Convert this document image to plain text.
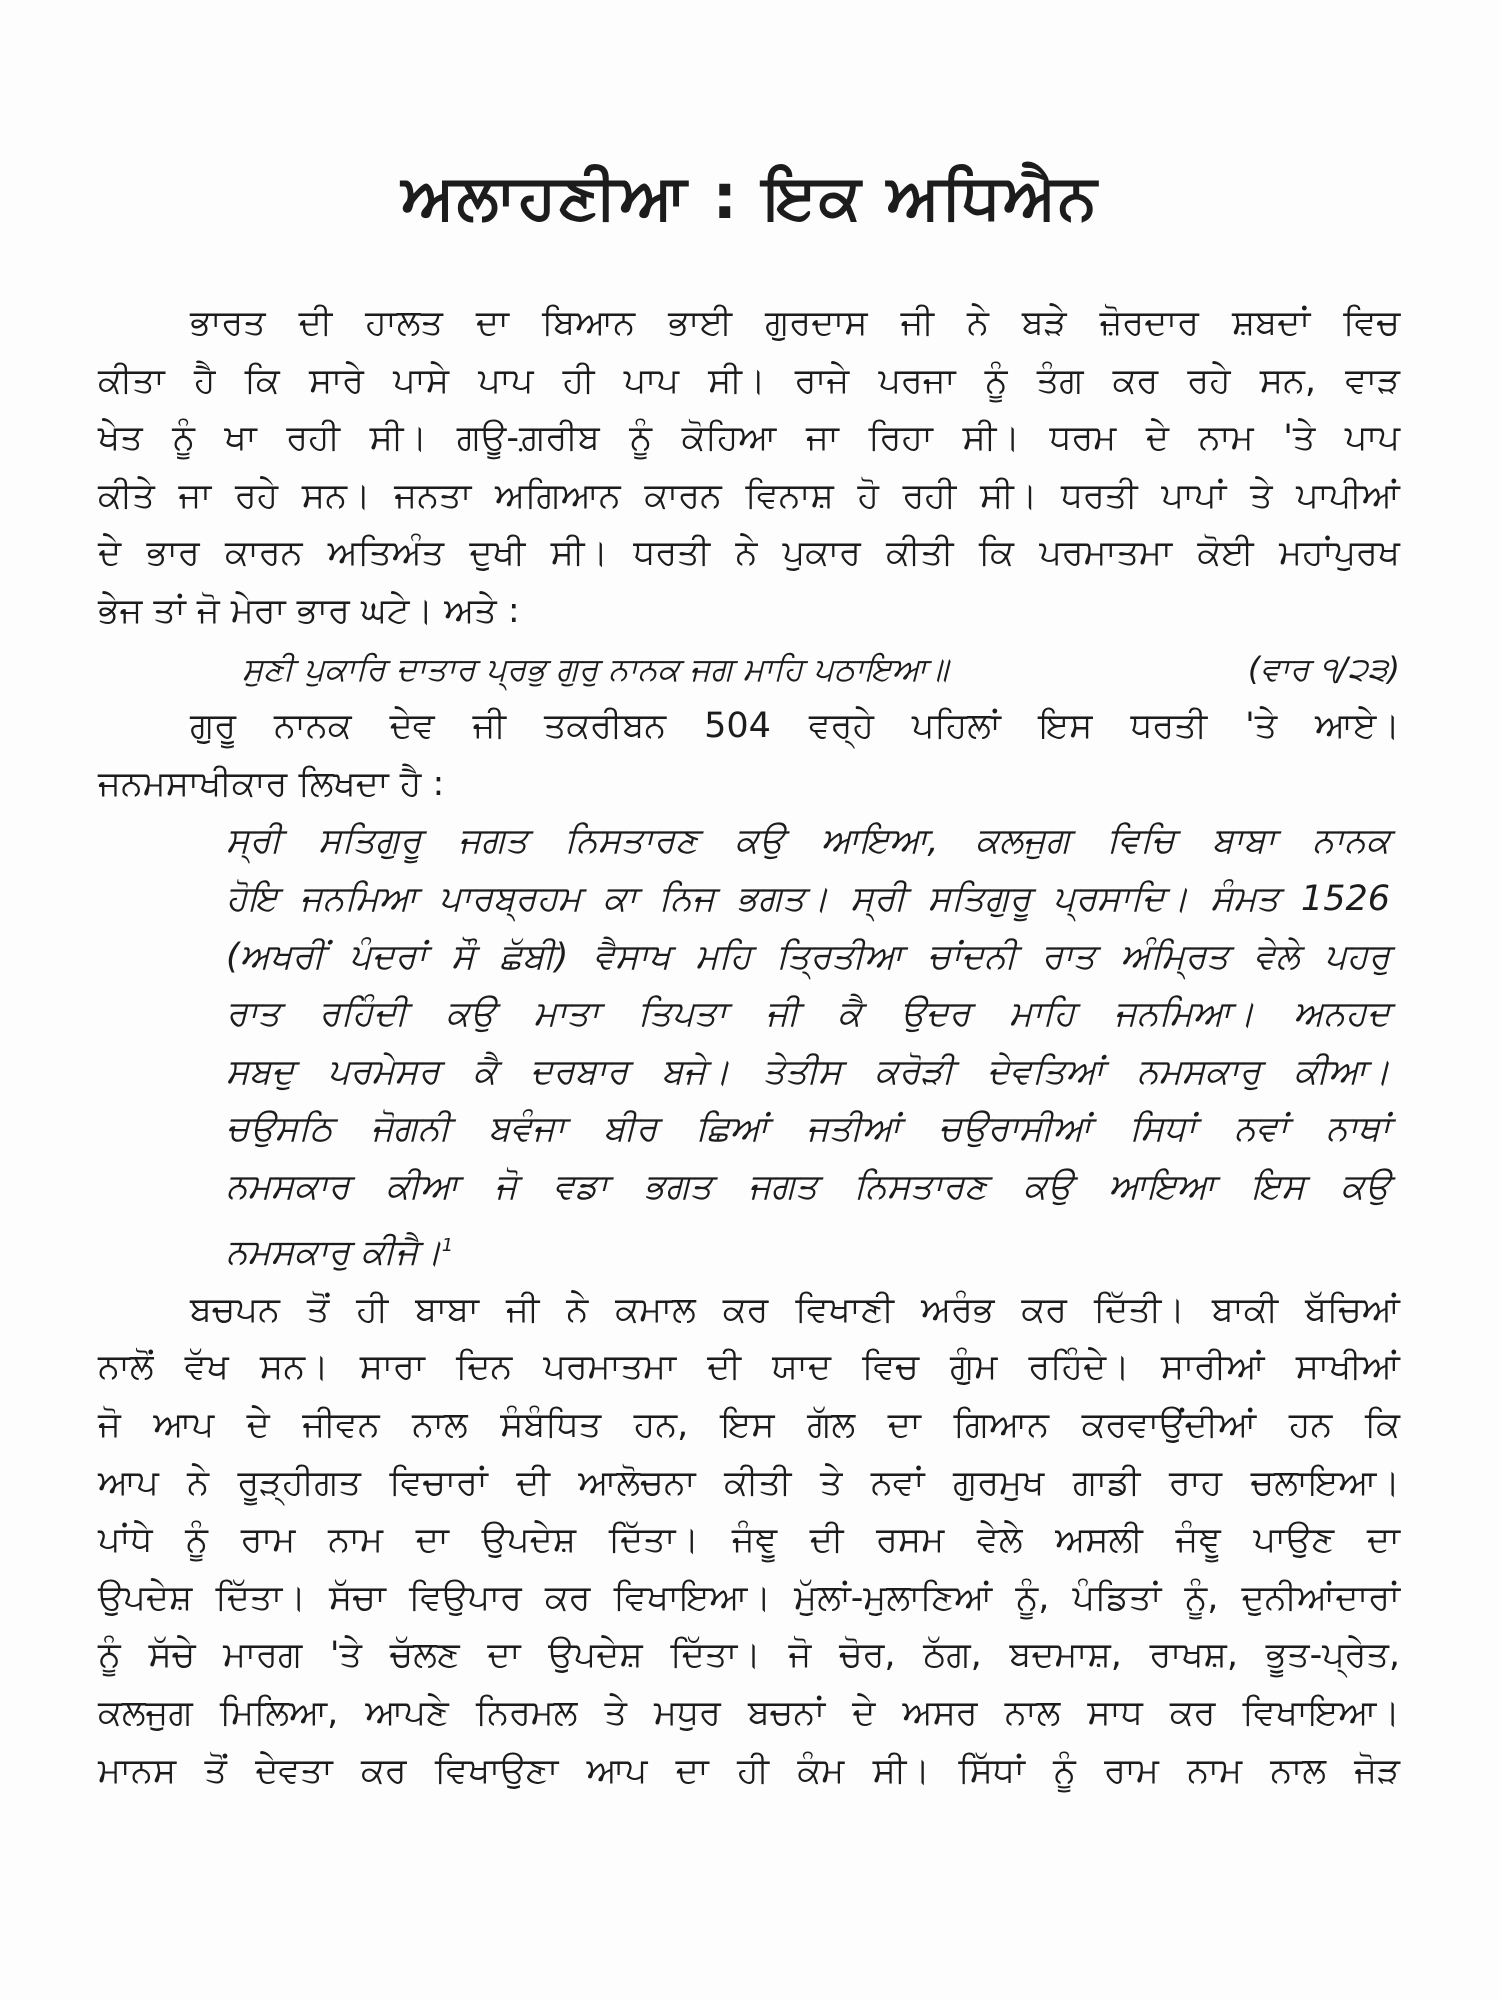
ਅਲਾਹਣੀਆ : ਇਕ ਅਧਿਐਨ
ਭਾਰਤ ਦੀ ਹਾਲਤ ਦਾ ਬਿਆਨ ਭਾਈ ਗੁਰਦਾਸ ਜੀ ਨੇ ਬੜੇ ਜ਼ੋਰਦਾਰ ਸ਼ਬਦਾਂ ਵਿਚ
ਕੀਤਾ ਹੈ ਕਿ ਸਾਰੇ ਪਾਸੇ ਪਾਪ ਹੀ ਪਾਪ ਸੀ। ਰਾਜੇ ਪਰਜਾ ਨੂੰ ਤੰਗ ਕਰ ਰਹੇ ਸਨ, ਵਾੜ
ਖੇਤ ਨੂੰ ਖਾ ਰਹੀ ਸੀ। ਗਊ-ਗ਼ਰੀਬ ਨੂੰ ਕੋਹਿਆ ਜਾ ਰਿਹਾ ਸੀ। ਧਰਮ ਦੇ ਨਾਮ 'ਤੇ ਪਾਪ
ਕੀਤੇ ਜਾ ਰਹੇ ਸਨ। ਜਨਤਾ ਅਗਿਆਨ ਕਾਰਨ ਵਿਨਾਸ਼ ਹੋ ਰਹੀ ਸੀ। ਧਰਤੀ ਪਾਪਾਂ ਤੇ ਪਾਪੀਆਂ
ਦੇ ਭਾਰ ਕਾਰਨ ਅਤਿਅੰਤ ਦੁਖੀ ਸੀ। ਧਰਤੀ ਨੇ ਪੁਕਾਰ ਕੀਤੀ ਕਿ ਪਰਮਾਤਮਾ ਕੋਈ ਮਹਾਂਪੁਰਖ
ਭੇਜ ਤਾਂ ਜੋ ਮੇਰਾ ਭਾਰ ਘਟੇ। ਅਤੇ :
ਸੁਣੀ ਪੁਕਾਰਿ ਦਾਤਾਰ ਪ੍ਰਭੁ ਗੁਰੁ ਨਾਨਕ ਜਗ ਮਾਹਿ ਪਠਾਇਆ॥	(ਵਾਰ ੧/੨੩)
ਗੁਰੂ ਨਾਨਕ ਦੇਵ ਜੀ ਤਕਰੀਬਨ 504 ਵਰ੍ਹੇ ਪਹਿਲਾਂ ਇਸ ਧਰਤੀ 'ਤੇ ਆਏ।
ਜਨਮਸਾਖੀਕਾਰ ਲਿਖਦਾ ਹੈ :
ਸ੍ਰੀ ਸਤਿਗੁਰੂ ਜਗਤ ਨਿਸਤਾਰਣ ਕਉ ਆਇਆ, ਕਲਜੁਗ ਵਿਚਿ ਬਾਬਾ ਨਾਨਕ
ਹੋਇ ਜਨਮਿਆ ਪਾਰਬ੍ਰਹਮ ਕਾ ਨਿਜ ਭਗਤ। ਸ੍ਰੀ ਸਤਿਗੁਰੂ ਪ੍ਰਸਾਦਿ। ਸੰਮਤ 1526
(ਅਖਰੀਂ ਪੰਦਰਾਂ ਸੌ ਛੱਬੀ) ਵੈਸਾਖ ਮਹਿ ਤ੍ਰਿਤੀਆ ਚਾਂਦਨੀ ਰਾਤ ਅੰਮ੍ਰਿਤ ਵੇਲੇ ਪਹਰੁ
ਰਾਤ ਰਹਿੰਦੀ ਕਉ ਮਾਤਾ ਤਿਪਤਾ ਜੀ ਕੈ ਉਦਰ ਮਾਹਿ ਜਨਮਿਆ। ਅਨਹਦ
ਸਬਦੁ ਪਰਮੇਸਰ ਕੈ ਦਰਬਾਰ ਬਜੇ। ਤੇਤੀਸ ਕਰੋੜੀ ਦੇਵਤਿਆਂ ਨਮਸਕਾਰੁ ਕੀਆ।
ਚਉਸਠਿ ਜੋਗਨੀ ਬਵੰਜਾ ਬੀਰ ਛਿਆਂ ਜਤੀਆਂ ਚਉਰਾਸੀਆਂ ਸਿਧਾਂ ਨਵਾਂ ਨਾਥਾਂ
ਨਮਸਕਾਰ ਕੀਆ ਜੋ ਵਡਾ ਭਗਤ ਜਗਤ ਨਿਸਤਾਰਣ ਕਉ ਆਇਆ ਇਸ ਕਉ
ਨਮਸਕਾਰੁ ਕੀਜੈ।$^1$
ਬਚਪਨ ਤੋਂ ਹੀ ਬਾਬਾ ਜੀ ਨੇ ਕਮਾਲ ਕਰ ਵਿਖਾਣੀ ਅਰੰਭ ਕਰ ਦਿੱਤੀ। ਬਾਕੀ ਬੱਚਿਆਂ
ਨਾਲੋਂ ਵੱਖ ਸਨ। ਸਾਰਾ ਦਿਨ ਪਰਮਾਤਮਾ ਦੀ ਯਾਦ ਵਿਚ ਗੁੰਮ ਰਹਿੰਦੇ। ਸਾਰੀਆਂ ਸਾਖੀਆਂ
ਜੋ ਆਪ ਦੇ ਜੀਵਨ ਨਾਲ ਸੰਬੰਧਿਤ ਹਨ, ਇਸ ਗੱਲ ਦਾ ਗਿਆਨ ਕਰਵਾਉਂਦੀਆਂ ਹਨ ਕਿ
ਆਪ ਨੇ ਰੂੜ੍ਹੀਗਤ ਵਿਚਾਰਾਂ ਦੀ ਆਲੋਚਨਾ ਕੀਤੀ ਤੇ ਨਵਾਂ ਗੁਰਮੁਖ ਗਾਡੀ ਰਾਹ ਚਲਾਇਆ।
ਪਾਂਧੇ ਨੂੰ ਰਾਮ ਨਾਮ ਦਾ ਉਪਦੇਸ਼ ਦਿੱਤਾ। ਜੰਞੂ ਦੀ ਰਸਮ ਵੇਲੇ ਅਸਲੀ ਜੰਞੂ ਪਾਉਣ ਦਾ
ਉਪਦੇਸ਼ ਦਿੱਤਾ। ਸੱਚਾ ਵਿਉਪਾਰ ਕਰ ਵਿਖਾਇਆ। ਮੁੱਲਾਂ-ਮੁਲਾਣਿਆਂ ਨੂੰ, ਪੰਡਿਤਾਂ ਨੂੰ, ਦੁਨੀਆਂਦਾਰਾਂ
ਨੂੰ ਸੱਚੇ ਮਾਰਗ 'ਤੇ ਚੱਲਣ ਦਾ ਉਪਦੇਸ਼ ਦਿੱਤਾ। ਜੋ ਚੋਰ, ਠੱਗ, ਬਦਮਾਸ਼, ਰਾਖਸ਼, ਭੂਤ-ਪ੍ਰੇਤ,
ਕਲਜੁਗ ਮਿਲਿਆ, ਆਪਣੇ ਨਿਰਮਲ ਤੇ ਮਧੁਰ ਬਚਨਾਂ ਦੇ ਅਸਰ ਨਾਲ ਸਾਧ ਕਰ ਵਿਖਾਇਆ।
ਮਾਨਸ ਤੋਂ ਦੇਵਤਾ ਕਰ ਵਿਖਾਉਣਾ ਆਪ ਦਾ ਹੀ ਕੰਮ ਸੀ। ਸਿੱਧਾਂ ਨੂੰ ਰਾਮ ਨਾਮ ਨਾਲ ਜੋੜ
